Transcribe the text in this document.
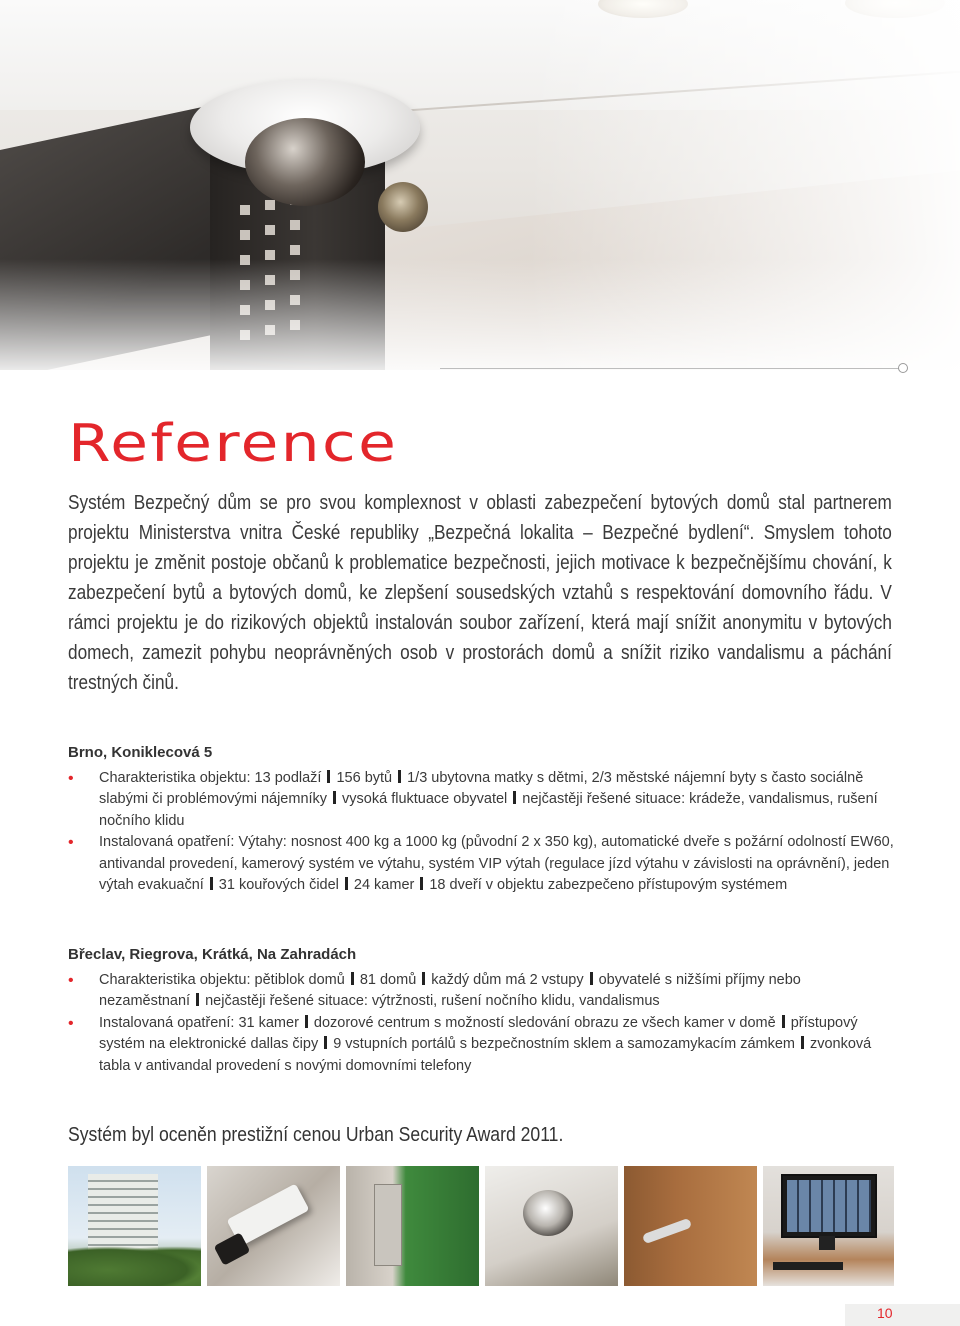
Reference

Systém Bezpečný dům se pro svou komplexnost v oblasti zabezpečení bytových domů stal partnerem projektu Ministerstva vnitra České republiky „Bezpečná lokalita – Bezpečné bydlení“. Smyslem tohoto projektu je změnit postoje občanů k problematice bezpečnosti, jejich motivace k bezpečnějšímu chování, k zabezpečení bytů a bytových domů, ke zlepšení sousedských vztahů s respektování domovního řádu. V rámci projektu je do rizikových objektů instalován soubor zařízení, která mají snížit anonymitu v bytových domech, zamezit pohybu neoprávněných osob v prostorách domů a snížit riziko vandalismu a páchání trestných činů.

Brno, Koniklecová 5
• Charakteristika objektu: 13 podlaží 156 bytů 1/3 ubytovna matky s dětmi, 2/3 městské nájemní byty s často sociálně slabými či problémovými nájemníky vysoká fluktuace obyvatel nejčastěji řešené situace: krádeže, vandalismus, rušení nočního klidu
• Instalovaná opatření: Výtahy: nosnost 400 kg a 1000 kg (původní 2 x 350 kg), automatické dveře s požární odolností EW60, antivandal provedení, kamerový systém ve výtahu, systém VIP výtah (regulace jízd výtahu v závislosti na oprávnění), jeden výtah evakuační 31 kouřových čidel 24 kamer 18 dveří v objektu zabezpečeno přístupovým systémem
Břeclav, Riegrova, Krátká, Na Zahradách
• Charakteristika objektu: pětiblok domů 81 domů každý dům má 2 vstupy obyvatelé s nižšími příjmy nebo nezaměstnaní nejčastěji řešené situace: výtržnosti, rušení nočního klidu, vandalismus
• Instalovaná opatření: 31 kamer dozorové centrum s možností sledování obrazu ze všech kamer v domě přístupový systém na elektronické dallas čipy 9 vstupních portálů s bezpečnostním sklem a samozamykacím zámkem zvonková tabla v antivandal provedení s novými domovními telefony

Systém byl oceněn prestižní cenou Urban Security Award 2011.

10
